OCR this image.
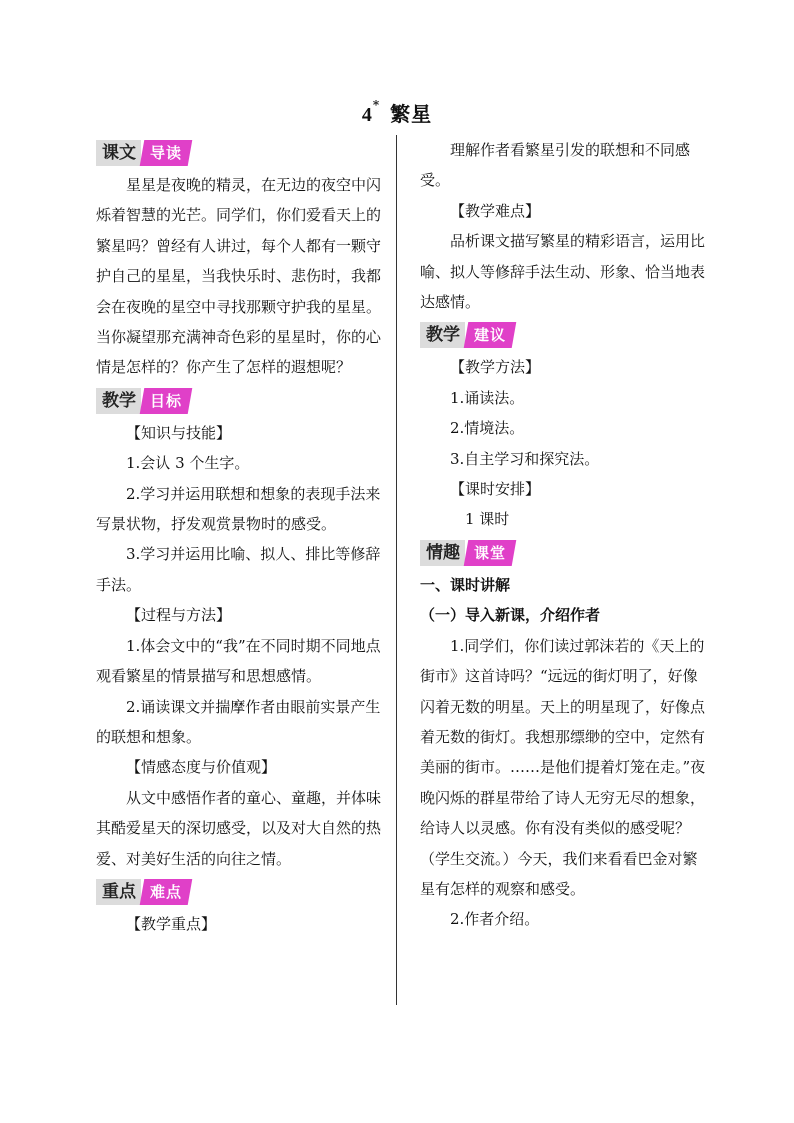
4* 繁星
课文 导读

星星是夜晚的精灵，在无边的夜空中闪烁着智慧的光芒。同学们，你们爱看天上的繁星吗？曾经有人讲过，每个人都有一颗守护自己的星星，当我快乐时、悲伤时，我都会在夜晚的星空中寻找那颗守护我的星星。当你凝望那充满神奇色彩的星星时，你的心情是怎样的？你产生了怎样的遐想呢？

教学 目标

【知识与技能】

1.会认 3 个生字。

2.学习并运用联想和想象的表现手法来写景状物，抒发观赏景物时的感受。

3.学习并运用比喻、拟人、排比等修辞手法。

【过程与方法】

1.体会文中的“我”在不同时期不同地点观看繁星的情景描写和思想感情。

2.诵读课文并揣摩作者由眼前实景产生的联想和想象。

【情感态度与价值观】

从文中感悟作者的童心、童趣，并体味其酷爱星天的深切感受，以及对大自然的热爱、对美好生活的向往之情。

重点 难点

【教学重点】

理解作者看繁星引发的联想和不同感受。

【教学难点】

品析课文描写繁星的精彩语言，运用比喻、拟人等修辞手法生动、形象、恰当地表达感情。

教学 建议

【教学方法】

1.诵读法。

2.情境法。

3.自主学习和探究法。

【课时安排】

1 课时

情趣 课堂

一、课时讲解

（一）导入新课，介绍作者

1.同学们，你们读过郭沫若的《天上的街市》这首诗吗？“远远的街灯明了，好像闪着无数的明星。天上的明星现了，好像点着无数的街灯。我想那缥缈的空中，定然有美丽的街市。……是他们提着灯笼在走。”夜晚闪烁的群星带给了诗人无穷无尽的想象，给诗人以灵感。你有没有类似的感受呢？（学生交流。）今天，我们来看看巴金对繁星有怎样的观察和感受。

2.作者介绍。
